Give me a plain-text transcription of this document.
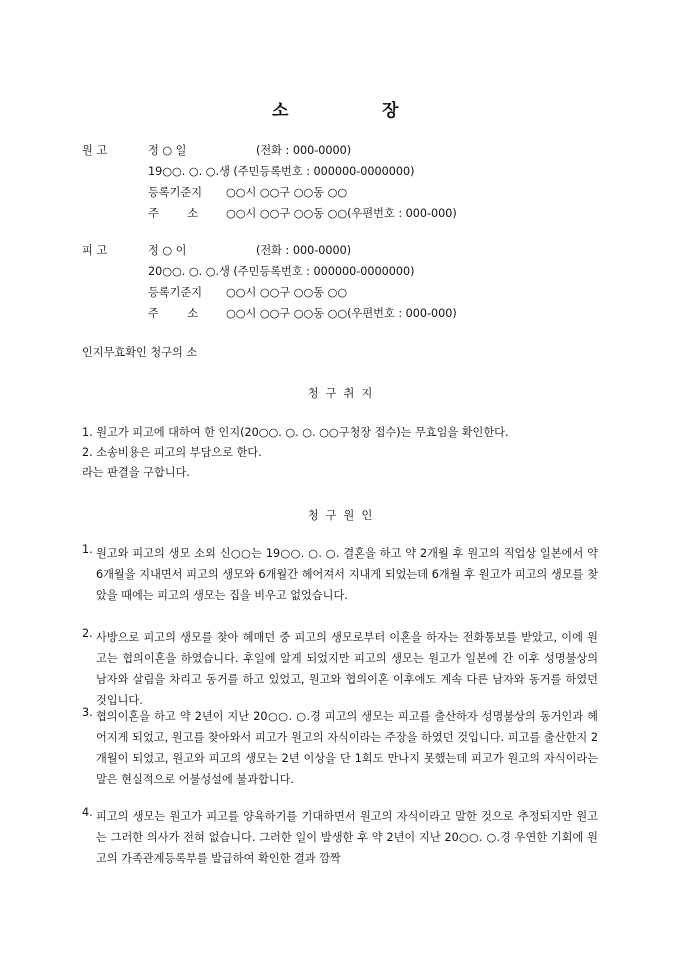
소	장
원 고	정 ○ 일	(전화 : 000-0000)
19○○. ○. ○.생 (주민등록번호 : 000000-0000000)
등록기준지 ○○시 ○○구 ○○동 ○○
주        소 ○○시 ○○구 ○○동 ○○(우편번호 : 000-000)
피 고	정 ○ 이	(전화 : 000-0000)
20○○. ○. ○.생 (주민등록번호 : 000000-0000000)
등록기준지 ○○시 ○○구 ○○동 ○○
주        소 ○○시 ○○구 ○○동 ○○(우편번호 : 000-000)
인지무효확인 청구의 소
청  구  취  지
1. 원고가 피고에 대하여 한 인지(20○○. ○. ○. ○○구청장 접수)는 무효임을 확인한다.
2. 소송비용은 피고의 부담으로 한다.
라는 판결을 구합니다.
청  구  원  인
1. 원고와 피고의 생모 소외 신○○는 19○○. ○. ○. 결혼을 하고 약 2개월 후 원고의 직업상 일본에서 약 6개월을 지내면서 피고의 생모와 6개월간 헤어져서 지내게 되었는데 6개월 후 원고가 피고의 생모를 찾았을 때에는 피고의 생모는 집을 비우고 없었습니다.
2. 사방으로 피고의 생모를 찾아 헤매던 중 피고의 생모로부터 이혼을 하자는 전화통보를 받았고, 이에 원고는 협의이혼을 하였습니다. 후일에 알게 되었지만 피고의 생모는 원고가 일본에 간 이후 성명불상의 남자와 살림을 차리고 동거를 하고 있었고, 원고와 협의이혼 이후에도 계속 다른 남자와 동거를 하였던 것입니다.
3. 협의이혼을 하고 약 2년이 지난 20○○. ○.경 피고의 생모는 피고를 출산하자 성명불상의 동거인과 헤어지게 되었고, 원고를 찾아와서 피고가 원고의 자식이라는 주장을 하였던 것입니다. 피고를 출산한지 2개월이 되었고, 원고와 피고의 생모는 2년 이상을 단 1회도 만나지 못했는데 피고가 원고의 자식이라는 말은 현실적으로 어불성설에 불과합니다.
4. 피고의 생모는 원고가 피고를 양육하기를 기대하면서 원고의 자식이라고 말한 것으로 추정되지만 원고는 그러한 의사가 전혀 없습니다. 그러한 일이 발생한 후 약 2년이 지난 20○○. ○.경 우연한 기회에 원고의 가족관계등록부를 발급하여 확인한 결과 깜짝
